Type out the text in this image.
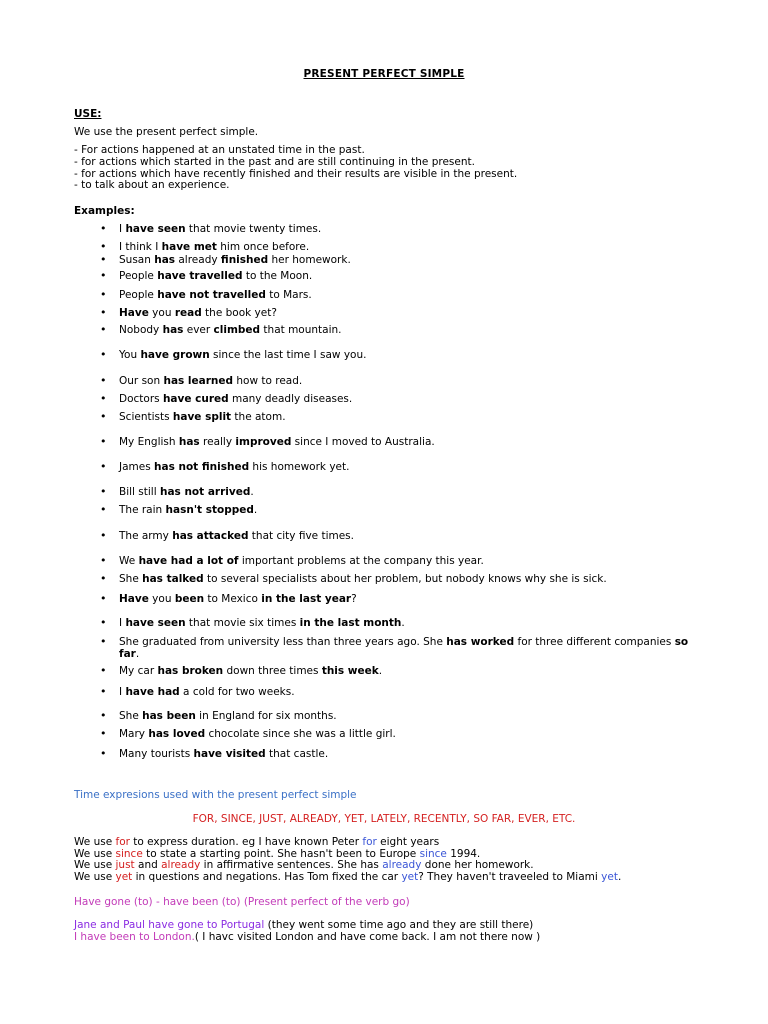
PRESENT PERFECT SIMPLE
USE:
We use the present perfect simple.
- For actions happened at an unstated time in the past.
- for actions which started in the past and are still continuing in the present.
- for actions which have recently finished and their results are visible in the present.
- to talk about an experience.
Examples:
• I have seen that movie twenty times.
• I think I have met him once before.
• Susan has already finished her homework.
• People have travelled to the Moon.
• People have not travelled to Mars.
• Have you read the book yet?
• Nobody has ever climbed that mountain.
• You have grown since the last time I saw you.
• Our son has learned how to read.
• Doctors have cured many deadly diseases.
• Scientists have split the atom.
• My English has really improved since I moved to Australia.
• James has not finished his homework yet.
• Bill still has not arrived.
• The rain hasn't stopped.
• The army has attacked that city five times.
• We have had a lot of important problems at the company this year.
• She has talked to several specialists about her problem, but nobody knows why she is sick.
• Have you been to Mexico in the last year?
• I have seen that movie six times in the last month.
• She graduated from university less than three years ago. She has worked for three different companies so
far.
• My car has broken down three times this week.
• I have had a cold for two weeks.
• She has been in England for six months.
• Mary has loved chocolate since she was a little girl.
• Many tourists have visited that castle.
Time expresions used with the present perfect simple
FOR, SINCE, JUST, ALREADY, YET, LATELY, RECENTLY, SO FAR, EVER, ETC.
We use for to express duration. eg I have known Peter for eight years
We use since to state a starting point. She hasn't been to Europe since 1994.
We use just and already in affirmative sentences. She has already done her homework.
We use yet in questions and negations. Has Tom fixed the car yet? They haven't traveeled to Miami yet.
Have gone (to) - have been (to) (Present perfect of the verb go)
Jane and Paul have gone to Portugal (they went some time ago and they are still there)
I have been to London.( I havc visited London and have come back. I am not there now )
